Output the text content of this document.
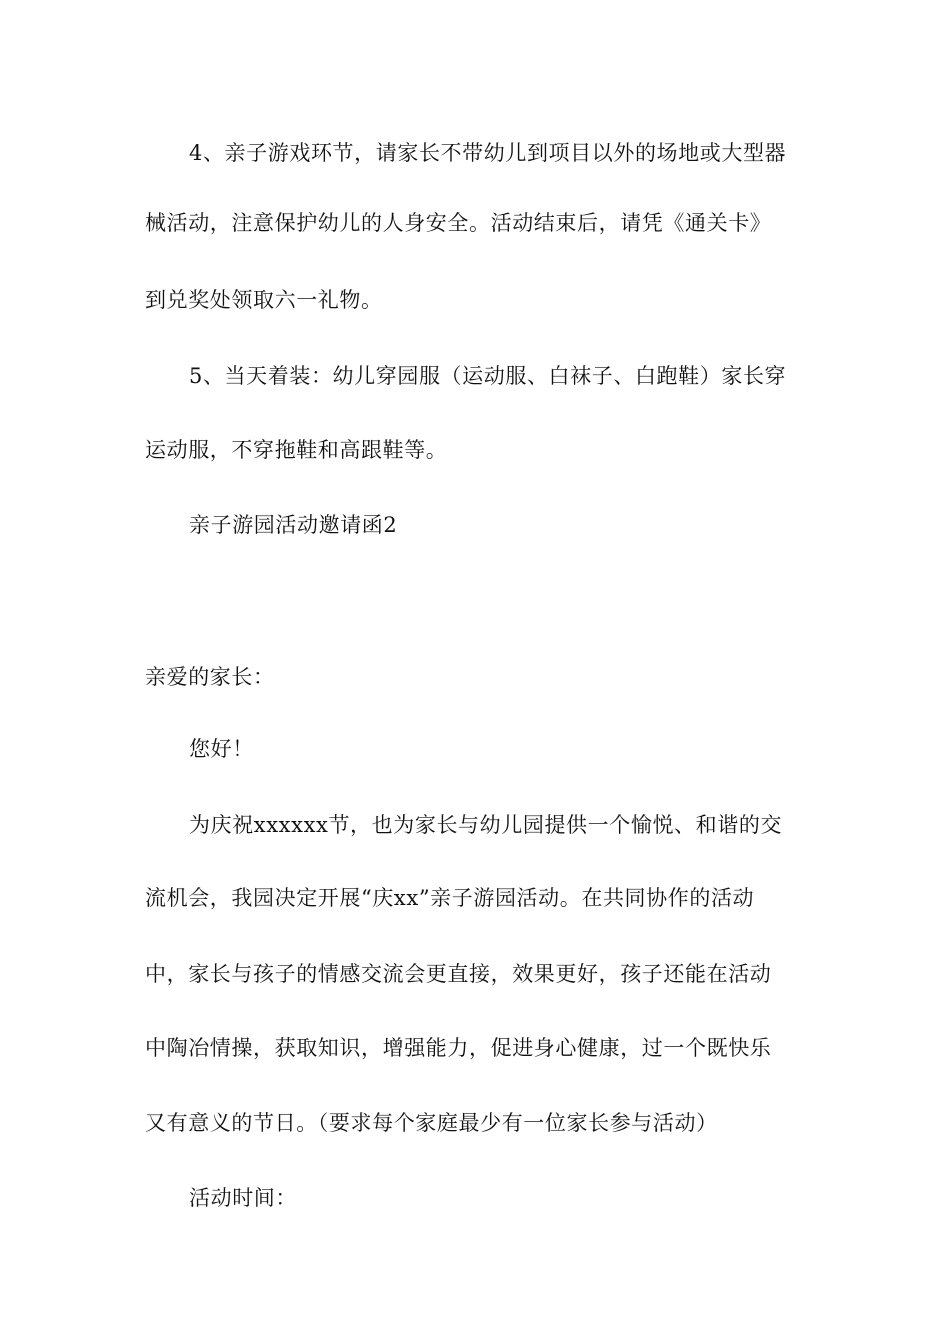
4、亲子游戏环节，请家长不带幼儿到项目以外的场地或大型器
械活动，注意保护幼儿的人身安全。活动结束后，请凭《通关卡》
到兑奖处领取六一礼物。
5、当天着装：幼儿穿园服（运动服、白袜子、白跑鞋）家长穿
运动服，不穿拖鞋和高跟鞋等。
亲子游园活动邀请函2
亲爱的家长：
您好！
为庆祝xxxxxx节，也为家长与幼儿园提供一个愉悦、和谐的交
流机会，我园决定开展“庆xx”亲子游园活动。在共同协作的活动
中，家长与孩子的情感交流会更直接，效果更好，孩子还能在活动
中陶冶情操，获取知识，增强能力，促进身心健康，过一个既快乐
又有意义的节日。（要求每个家庭最少有一位家长参与活动）
活动时间：
